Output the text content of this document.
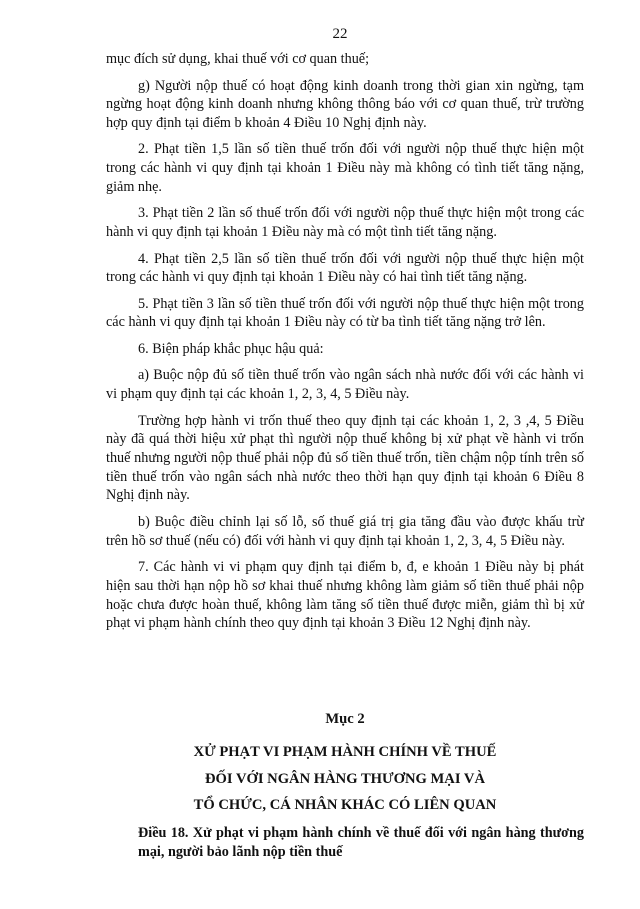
22

mục đích sử dụng, khai thuế với cơ quan thuế;

g) Người nộp thuế có hoạt động kinh doanh trong thời gian xin ngừng, tạm ngừng hoạt động kinh doanh nhưng không thông báo với cơ quan thuế, trừ trường hợp quy định tại điểm b khoản 4 Điều 10 Nghị định này.

2. Phạt tiền 1,5 lần số tiền thuế trốn đối với người nộp thuế thực hiện một trong các hành vi quy định tại khoản 1 Điều này mà không có tình tiết tăng nặng, giảm nhẹ.

3. Phạt tiền 2 lần số thuế trốn đối với người nộp thuế thực hiện một trong các hành vi quy định tại khoản 1 Điều này mà có một tình tiết tăng nặng.

4. Phạt tiền 2,5 lần số tiền thuế trốn đối với người nộp thuế thực hiện một trong các hành vi quy định tại khoản 1 Điều này có hai tình tiết tăng nặng.

5. Phạt tiền 3 lần số tiền thuế trốn đối với người nộp thuế thực hiện một trong các hành vi quy định tại khoản 1 Điều này có từ ba tình tiết tăng nặng trở lên.

6. Biện pháp khắc phục hậu quả:

a) Buộc nộp đủ số tiền thuế trốn vào ngân sách nhà nước đối với các hành vi vi phạm quy định tại các khoản 1, 2, 3, 4, 5 Điều này.

Trường hợp hành vi trốn thuế theo quy định tại các khoản 1, 2, 3 ,4, 5 Điều này đã quá thời hiệu xử phạt thì người nộp thuế không bị xử phạt về hành vi trốn thuế nhưng người nộp thuế phải nộp đủ số tiền thuế trốn, tiền chậm nộp tính trên số tiền thuế trốn vào ngân sách nhà nước theo thời hạn quy định tại khoản 6 Điều 8 Nghị định này.

b) Buộc điều chỉnh lại số lỗ, số thuế giá trị gia tăng đầu vào được khấu trừ trên hồ sơ thuế (nếu có) đối với hành vi quy định tại khoản 1, 2, 3, 4, 5 Điều này.

7. Các hành vi vi phạm quy định tại điểm b, đ, e khoản 1 Điều này bị phát hiện sau thời hạn nộp hồ sơ khai thuế nhưng không làm giảm số tiền thuế phải nộp hoặc chưa được hoàn thuế, không làm tăng số tiền thuế được miễn, giảm thì bị xử phạt vi phạm hành chính theo quy định tại khoản 3 Điều 12 Nghị định này.

Mục 2
XỬ PHẠT VI PHẠM HÀNH CHÍNH VỀ THUẾ
ĐỐI VỚI NGÂN HÀNG THƯƠNG MẠI VÀ
TỔ CHỨC, CÁ NHÂN KHÁC CÓ LIÊN QUAN
Điều 18. Xử phạt vi phạm hành chính về thuế đối với ngân hàng thương mại, người bảo lãnh nộp tiền thuế
